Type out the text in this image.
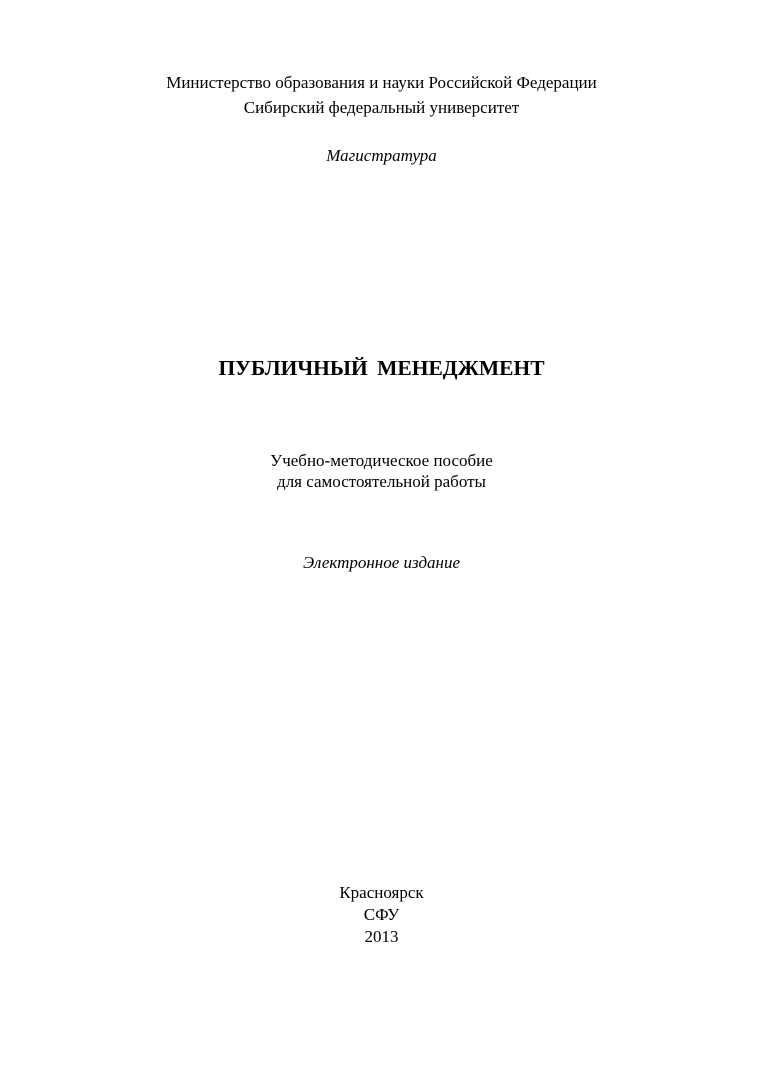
Министерство образования и науки Российской Федерации
Сибирский федеральный университет
Магистратура
ПУБЛИЧНЫЙ МЕНЕДЖМЕНТ
Учебно-методическое пособие
для самостоятельной работы
Электронное издание
Красноярск
СФУ
2013
